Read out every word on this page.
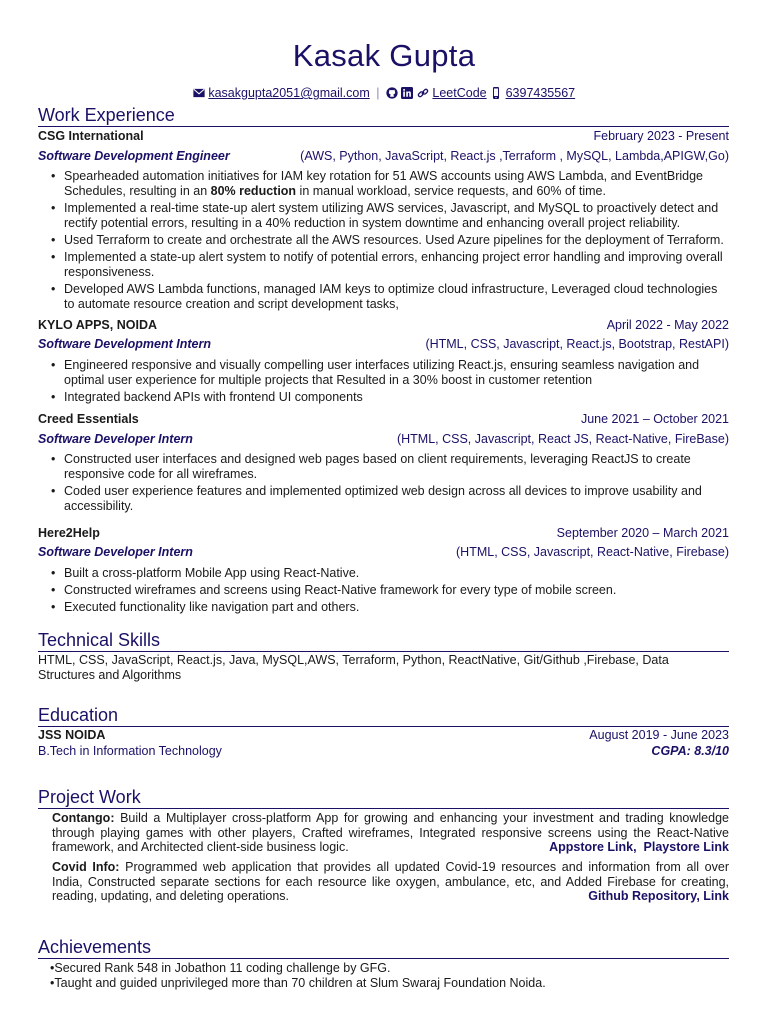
Kasak Gupta
kasakgupta2051@gmail.com |

	LeetCode 6397435567
Work Experience
CSG International	February 2023 - Present
Software Development Engineer	(AWS, Python, JavaScript, React.js ,Terraform , MySQL, Lambda,APIGW,Go)
• Spearheaded automation initiatives for IAM key rotation for 51 AWS accounts using AWS Lambda, and EventBridge Schedules, resulting in an 80% reduction in manual workload, service requests, and 60% of time.
• Implemented a real-time state-up alert system utilizing AWS services, Javascript, and MySQL to proactively detect and rectify potential errors, resulting in a 40% reduction in system downtime and enhancing overall project reliability.
• Used Terraform to create and orchestrate all the AWS resources. Used Azure pipelines for the deployment of Terraform.
• Implemented a state-up alert system to notify of potential errors, enhancing project error handling and improving overall responsiveness.
• Developed AWS Lambda functions, managed IAM keys to optimize cloud infrastructure, Leveraged cloud technologies to automate resource creation and script development tasks,
KYLO APPS, NOIDA	April 2022 - May 2022
Software Development Intern	(HTML, CSS, Javascript, React.js, Bootstrap, RestAPI)
• Engineered responsive and visually compelling user interfaces utilizing React.js, ensuring seamless navigation and optimal user experience for multiple projects that Resulted in a 30% boost in customer retention
• Integrated backend APIs with frontend UI components
Creed Essentials	June 2021 – October 2021
Software Developer Intern	(HTML, CSS, Javascript, React JS, React-Native, FireBase)
• Constructed user interfaces and designed web pages based on client requirements, leveraging ReactJS to create responsive code for all wireframes.
• Coded user experience features and implemented optimized web design across all devices to improve usability and accessibility.
Here2Help	September 2020 – March 2021
Software Developer Intern	(HTML, CSS, Javascript, React-Native, Firebase)
• Built a cross-platform Mobile App using React-Native.
• Constructed wireframes and screens using React-Native framework for every type of mobile screen.
• Executed functionality like navigation part and others.
Technical Skills
HTML, CSS, JavaScript, React.js, Java, MySQL,AWS, Terraform, Python, ReactNative, Git/Github ,Firebase, Data Structures and Algorithms
Education
JSS NOIDA	August 2019 - June 2023
B.Tech in Information Technology	CGPA: 8.3/10
Project Work
Contango: Build a Multiplayer cross-platform App for growing and enhancing your investment and trading knowledge through playing games with other players, Crafted wireframes, Integrated responsive screens using the React-Native framework, and Architected client-side business logic.	Appstore Link, Playstore Link
Covid Info: Programmed web application that provides all updated Covid-19 resources and information from all over India, Constructed separate sections for each resource like oxygen, ambulance, etc, and Added Firebase for creating, reading, updating, and deleting operations.	Github Repository, Link
Achievements
•Secured Rank 548 in Jobathon 11 coding challenge by GFG.
•Taught and guided unprivileged more than 70 children at Slum Swaraj Foundation Noida.
